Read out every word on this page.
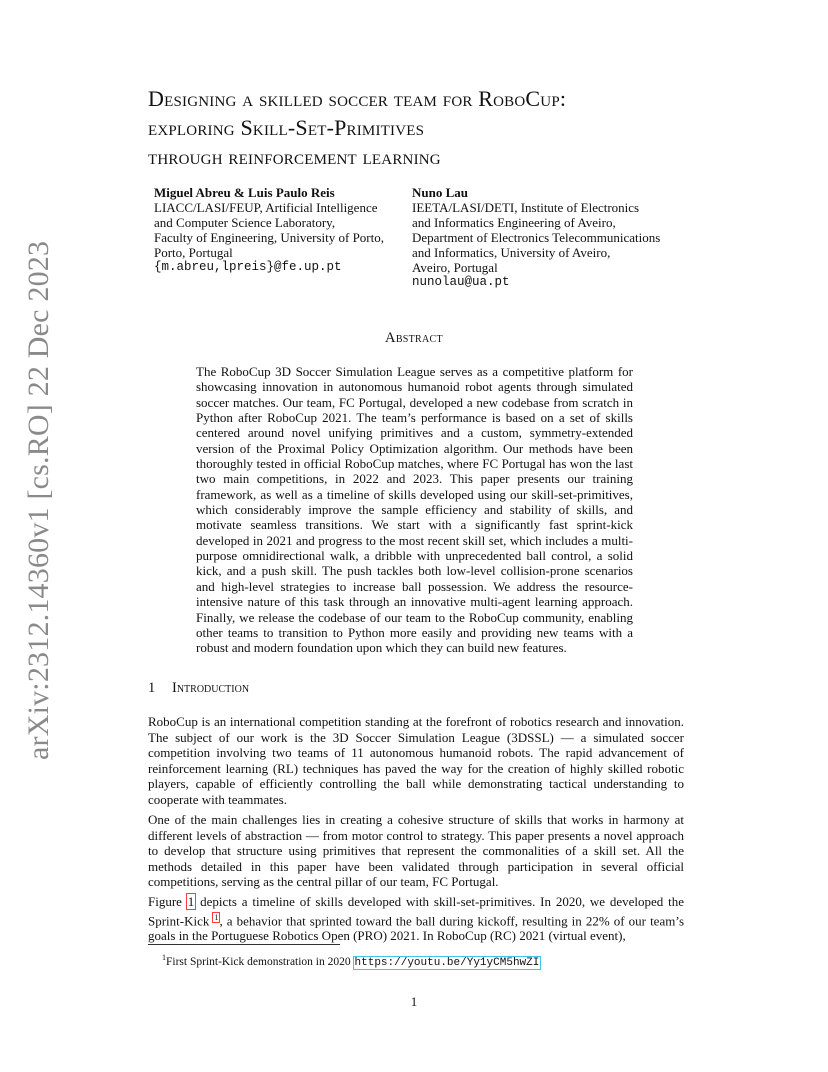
arXiv:2312.14360v1 [cs.RO] 22 Dec 2023
Designing a skilled soccer team for RoboCup:
exploring Skill-Set-Primitives
through reinforcement learning
Miguel Abreu & Luis Paulo Reis
LIACC/LASI/FEUP, Artificial Intelligence
and Computer Science Laboratory,
Faculty of Engineering, University of Porto,
Porto, Portugal
{m.abreu,lpreis}@fe.up.pt
Nuno Lau
IEETA/LASI/DETI, Institute of Electronics
and Informatics Engineering of Aveiro,
Department of Electronics Telecommunications
and Informatics, University of Aveiro,
Aveiro, Portugal
nunolau@ua.pt
Abstract
The RoboCup 3D Soccer Simulation League serves as a competitive platform for showcasing innovation in autonomous humanoid robot agents through simulated soccer matches. Our team, FC Portugal, developed a new codebase from scratch in Python after RoboCup 2021. The team’s performance is based on a set of skills centered around novel unifying primitives and a custom, symmetry-extended version of the Proximal Policy Optimization algorithm. Our methods have been thoroughly tested in official RoboCup matches, where FC Portugal has won the last two main competitions, in 2022 and 2023. This paper presents our training framework, as well as a timeline of skills developed using our skill-set-primitives, which considerably improve the sample efficiency and stability of skills, and motivate seamless transitions. We start with a significantly fast sprint-kick developed in 2021 and progress to the most recent skill set, which includes a multi-purpose omnidirectional walk, a dribble with unprecedented ball control, a solid kick, and a push skill. The push tackles both low-level collision-prone scenarios and high-level strategies to increase ball possession. We address the resource-intensive nature of this task through an innovative multi-agent learning approach. Finally, we release the codebase of our team to the RoboCup community, enabling other teams to transition to Python more easily and providing new teams with a robust and modern foundation upon which they can build new features.
1 Introduction
RoboCup is an international competition standing at the forefront of robotics research and innovation. The subject of our work is the 3D Soccer Simulation League (3DSSL) — a simulated soccer competition involving two teams of 11 autonomous humanoid robots. The rapid advancement of reinforcement learning (RL) techniques has paved the way for the creation of highly skilled robotic players, capable of efficiently controlling the ball while demonstrating tactical understanding to cooperate with teammates.
One of the main challenges lies in creating a cohesive structure of skills that works in harmony at different levels of abstraction — from motor control to strategy. This paper presents a novel approach to develop that structure using primitives that represent the commonalities of a skill set. All the methods detailed in this paper have been validated through participation in several official competitions, serving as the central pillar of our team, FC Portugal.
Figure 1 depicts a timeline of skills developed with skill-set-primitives. In 2020, we developed the Sprint-Kick $^1$, a behavior that sprinted toward the ball during kickoff, resulting in 22% of our team’s goals in the Portuguese Robotics Open (PRO) 2021. In RoboCup (RC) 2021 (virtual event),
$^1$First Sprint-Kick demonstration in 2020 https://youtu.be/Yy1yCM5hwZI
1
